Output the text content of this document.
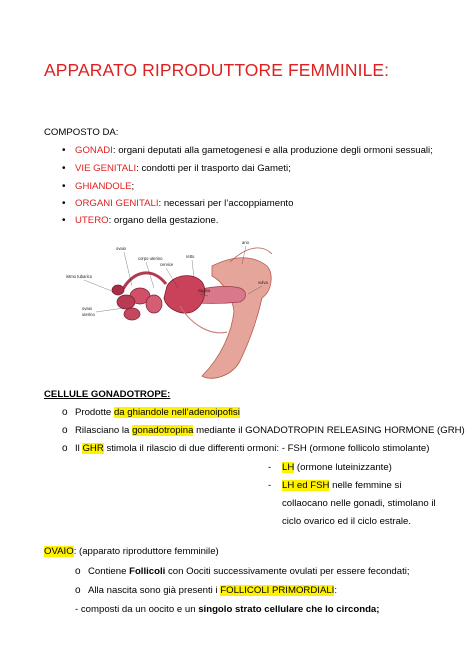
APPARATO RIPRODUTTORE FEMMINILE:
COMPOSTO DA:
• GONADI: organi deputati alla gametogenesi e alla produzione degli ormoni sessuali;
• VIE GENITALI: condotti per il trasporto dai Gameti;
• GHIANDOLE;
• ORGANI GENITALI: necessari per l’accoppiamento
• UTERO: organo della gestazione.
ovaio
corpo uterino
cervice
retto
ano
istmo tubarico
vagina
vulva
ovaio
uterino
CELLULE GONADOTROPE:
o Prodotte da ghiandole nell’adenoipofisi
o Rilasciano la gonadotropina mediante il GONADOTROPIN RELEASING HORMONE (GRH)
o Il GHR stimola il rilascio di due differenti ormoni: - FSH (ormone follicolo stimolante)
- LH (ormone luteinizzante)
- LH ed FSH nelle femmine si
collaocano nelle gonadi, stimolano il
ciclo ovarico ed il ciclo estrale.
OVAIO: (apparato riproduttore femminile)
o Contiene Follicoli con Oociti successivamente ovulati per essere fecondati;
o Alla nascita sono già presenti i FOLLICOLI PRIMORDIALI:
- composti da un oocito e un singolo strato cellulare che lo circonda;
